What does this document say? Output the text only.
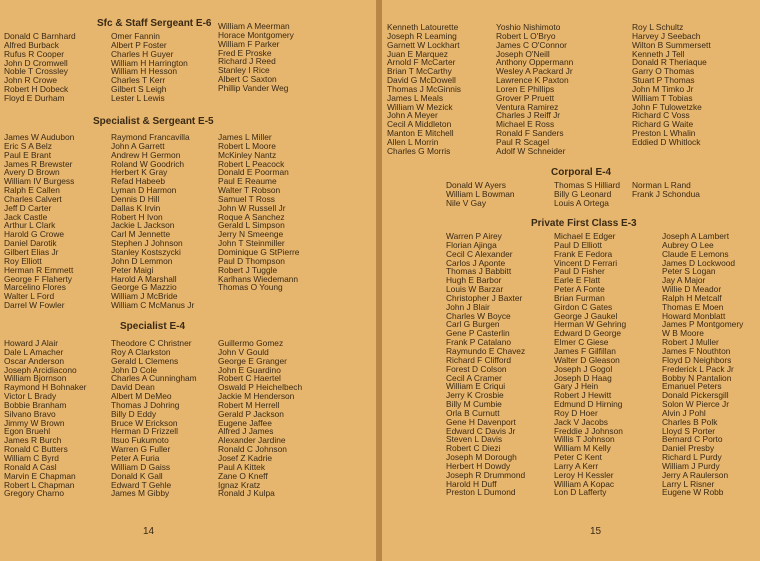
Sfc & Staff Sergeant E-6
Donald C Barnhard
Alfred Burback
Rufus R Cooper
John D Cromwell
Noble T Crossley
John R Crowe
Robert H Dobeck
Floyd E Durham
Omer Fannin
Albert P Foster
Charles H Guyer
William H Harrington
William H Hesson
Charles T Kerr
Gilbert S Leigh
Lester L Lewis
William A Meerman
Horace Montgomery
William F Parker
Fred E Proske
Richard J Reed
Stanley I Rice
Albert C Saxton
Phillip Vander Weg
Specialist & Sergeant E-5
James W Audubon
Eric S A Belz
Paul E Brant
James R Brewster
Avery D Brown
William IV Burgess
Ralph E Callen
Charles Calvert
Jeff D Carter
Jack Castle
Arthur L Clark
Harold G Crowe
Daniel Darotik
Gilbert Elias Jr
Roy Elliott
Herman R Emmett
George F Flaherty
Marcelino Flores
Walter L Ford
Darrel W Fowler
Raymond Francavilla
John A Garrett
Andrew H Germon
Roland W Goodrich
Herbert K Gray
Refad Habeeb
Lyman D Harmon
Dennis D Hill
Dallas K Irvin
Robert H Ivon
Jackie L Jackson
Carl M Jennette
Stephen J Johnson
Stanley Kostszycki
John D Lemmon
Peter Maigi
Harold A Marshall
George G Mazzio
William J McBride
William C McManus Jr
James L Miller
Robert L Moore
McKinley Nantz
Robert L Peacock
Donald E Poorman
Paul E Reaume
Walter T Robson
Samuel T Ross
John W Russell Jr
Roque A Sanchez
Gerald L Simpson
Jerry N Smeenge
John T Steinmiller
Dominique G StPierre
Paul D Thompson
Robert J Tuggle
Karlhans Wiedemann
Thomas O Young
Specialist E-4
Howard J Alair
Dale L Amacher
Oscar Anderson
Joseph Arcidiacono
William Bjornson
Raymond H Bohnaker
Victor L Brady
Bobbie Branham
Silvano Bravo
Jimmy W Brown
Egon Bruehl
James R Burch
Ronald C Butters
William C Byrd
Ronald A Casl
Marvin E Chapman
Robert L Chapman
Gregory Charno
Theodore C Christner
Roy A Clarkston
Gerald L Clemens
John D Cole
Charles A Cunningham
David Dean
Albert M DeMeo
Thomas J Dohring
Billy D Eddy
Bruce W Erickson
Herman D Frizzell
Itsuo Fukumoto
Warren G Fuller
Peter A Furia
William D Gaiss
Donald K Gall
Edward T Gehle
James M Gibby
Guillermo Gomez
John V Gould
George E Granger
John E Guardino
Robert C Haertel
Oswald P Heichelbech
Jackie M Henderson
Robert M Herrell
Gerald P Jackson
Eugene Jaffee
Alfred J James
Alexander Jardine
Ronald C Johnson
Josef Z Kadrie
Paul A Kittek
Zane O Kneff
Ignaz Kratz
Ronald J Kulpa
14
Kenneth Latourette
Joseph R Leaming
Garnett W Lockhart
Juan E Marquez
Arnold F McCarter
Brian T McCarthy
David G McDowell
Thomas J McGinnis
James L Meals
William W Mezick
John A Meyer
Cecil A Middleton
Manton E Mitchell
Allen L Morrin
Charles G Morris
Yoshio Nishimoto
Robert L O'Bryo
James C O'Connor
Joseph O'Neill
Anthony Oppermann
Wesley A Packard Jr
Lawrence K Paxton
Loren E Phillips
Grover P Pruett
Ventura Ramirez
Charles J Reiff Jr
Michael E Ross
Ronald F Sanders
Paul R Scagel
Adolf W Schneider
Roy L Schultz
Harvey J Seebach
Wilton B Summersett
Kenneth J Tell
Donald R Theriaque
Garry O Thomas
Stuart P Thomas
John M Timko Jr
William T Tobias
John F Tulowetzke
Richard C Voss
Richard G Waite
Preston L Whalin
Eddied D Whitlock
Corporal E-4
Donald W Ayers
William L Bowman
Nile V Gay
Thomas S Hilliard
Billy G Leonard
Louis A Ortega
Norman L Rand
Frank J Schondua
Private First Class E-3
Warren P Airey
Florian Ajinga
Cecil C Alexander
Carlos J Aponte
Thomas J Babbitt
Hugh E Barbor
Louis W Barzar
Christopher J Baxter
John J Blair
Charles W Boyce
Carl G Burgen
Gene P Casterlin
Frank P Catalano
Raymundo E Chavez
Richard F Clifford
Forest D Colson
Cecil A Cramer
William E Criqui
Jerry K Crosbie
Billy M Cumbie
Orla B Curnutt
Gene H Davenport
Edward C Davis Jr
Steven L Davis
Robert C Diezi
Joseph M Dorough
Herbert H Dowdy
Joseph R Drummond
Harold H Duff
Preston L Dumond
Michael E Edger
Paul D Elliott
Frank E Fedora
Vincent D Ferrari
Paul D Fisher
Earle E Flatt
Peter A Fonte
Brian Furman
Girdon C Gates
George J Gaukel
Herman W Gehring
Edward D George
Elmer C Giese
James F Gilfillan
Walter D Gleason
Joseph J Gogol
Joseph D Haag
Gary J Hein
Robert J Hewitt
Edmund D Hirning
Roy D Hoer
Jack V Jacobs
Freddie J Johnson
Willis T Johnson
William M Kelly
Peter C Kent
Larry A Kerr
Leroy H Kessler
William A Kopac
Lon D Lafferty
Joseph A Lambert
Aubrey O Lee
Claude E Lemons
James D Lockwood
Peter S Logan
Jay A Major
Willie D Meador
Ralph H Metcalf
Thomas E Moen
Howard Monblatt
James P Montgomery
W B Moore
Robert J Muller
James F Nouthton
Floyd D Neighbors
Frederick L Pack Jr
Bobby N Pantalion
Emanuel Peters
Donald Pickersgill
Solon W Pierce Jr
Alvin J Pohl
Charles B Polk
Lloyd S Porter
Bernard C Porto
Daniel Presby
Richard L Purdy
William J Purdy
Jerry A Raulerson
Larry L Risner
Eugene W Robb
15
